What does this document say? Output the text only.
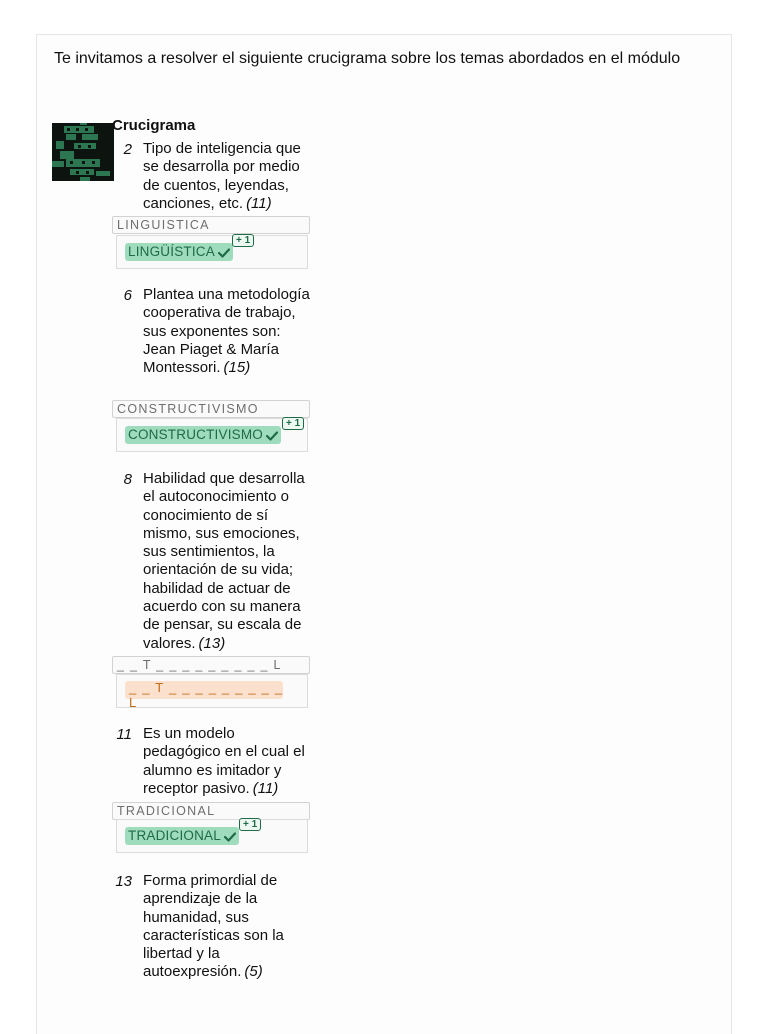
Te invitamos a resolver el siguiente crucigrama sobre los temas abordados en el módulo
Crucigrama
2 Tipo de inteligencia que se desarrolla por medio de cuentos, leyendas, canciones, etc. (11)
LINGUISTICA
LINGÜÍSTICA
+ 1
6 Plantea una metodología cooperativa de trabajo, sus exponentes son: Jean Piaget & María Montessori. (15)
CONSTRUCTIVISMO
CONSTRUCTIVISMO
+ 1
8 Habilidad que desarrolla el autoconocimiento o conocimiento de sí mismo, sus emociones, sus sentimientos, la orientación de su vida; habilidad de actuar de acuerdo con su manera de pensar, su escala de valores. (13)
_ _ T _ _ _ _ _ _ _ _ _ L
_ _ T _ _ _ _ _ _ _ _ _ L
11 Es un modelo pedagógico en el cual el alumno es imitador y receptor pasivo. (11)
TRADICIONAL
TRADICIONAL
+ 1
13 Forma primordial de aprendizaje de la humanidad, sus características son la libertad y la autoexpresión. (5)
